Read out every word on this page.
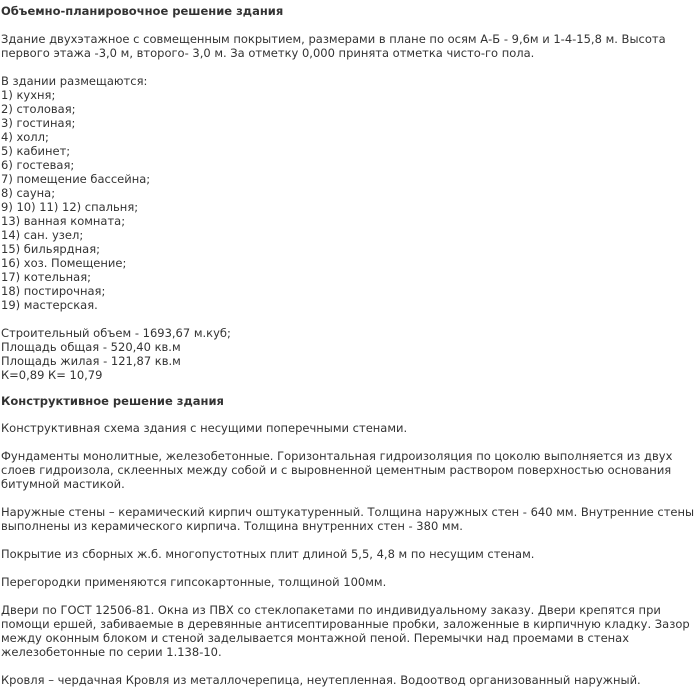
Объемно-планировочное решение здания

Здание двухэтажное с совмещенным покрытием, размерами в плане по осям А-Б - 9,6м и 1-4-15,8 м. Высота первого этажа -3,0 м, второго- 3,0 м. За отметку 0,000 принята отметка чисто-го пола.

В здании размещаются:

1) кухня;
2) столовая;
3) гостиная;
4) холл;
5) кабинет;
6) гостевая;
7) помещение бассейна;
8) сауна;
9) 10) 11) 12) спальня;
13) ванная комната;
14) сан. узел;
15) бильярдная;
16) хоз. Помещение;
17) котельная;
18) постирочная;
19) мастерская.

Строительный объем - 1693,67 м.куб;

Площадь общая - 520,40 кв.м

Площадь жилая - 121,87 кв.м

К=0,89 К= 10,79

Конструктивное решение здания

Конструктивная схема здания с несущими поперечными стенами.

Фундаменты монолитные, железобетонные. Горизонтальная гидроизоляция по цоколю выполняется из двух слоев гидроизола, склеенных между собой и с выровненной цементным раствором поверхностью основания битумной мастикой.

Наружные стены – керамический кирпич оштукатуренный. Толщина наружных стен - 640 мм. Внутренние стены выполнены из керамического кирпича. Толщина внутренних стен - 380 мм.

Покрытие из сборных ж.б. многопустотных плит длиной 5,5, 4,8 м по несущим стенам.

Перегородки применяются гипсокартонные, толщиной 100мм.

Двери по ГОСТ 12506-81. Окна из ПВХ со стеклопакетами по индивидуальному заказу. Двери крепятся при помощи ершей, забиваемые в деревянные антисептированные пробки, заложенные в кирпичную кладку. Зазор между оконным блоком и стеной заделывается монтажной пеной. Перемычки над проемами в стенах железобетонные по серии 1.138-10.

Кровля – чердачная Кровля из металлочерепица, неутепленная. Водоотвод организованный наружный.
